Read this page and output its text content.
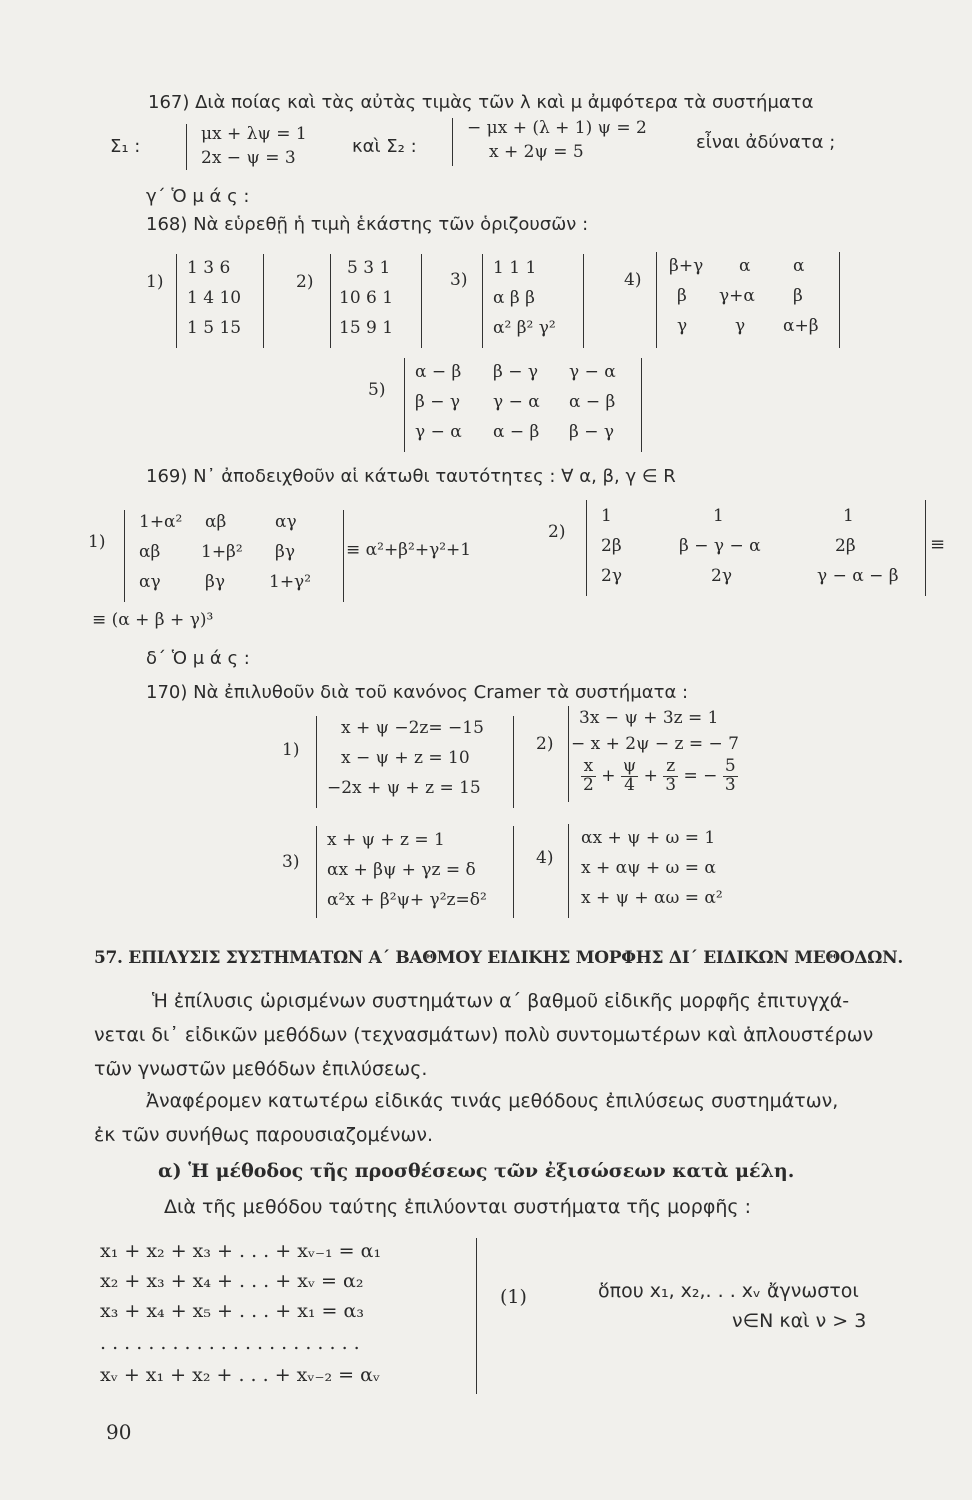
167) Διὰ ποίας καὶ τὰς αὐτὰς τιμὰς τῶν λ καὶ μ ἀμφότερα τὰ συστήματα
Σ₁ :
μx + λψ = 1
2x − ψ = 3
καὶ Σ₂ :
− μx + (λ + 1) ψ = 2
x + 2ψ = 5	εἶναι ἀδύνατα ;
γ΄ Ὁ μ ά ς :
168) Νὰ εὑρεθῇ ἡ τιμὴ ἑκάστης τῶν ὁριζουσῶν :
1)
1 3 6
1 4 10
1 5 15
2)
5 3 1
10 6 1
15 9 1
3)
1 1 1
α β β
α² β² γ²
4)
β+γ α	α
β γ+α β
γ	γ α+β
5)
α − β β − γ γ − α
β − γ γ − α α − β
γ − α α − β β − γ
169) Ν᾽ ἀποδειχθοῦν αἱ κάτωθι ταυτότητες : ∀ α, β, γ ∈ R
1)
1+α² αβ	αγ
αβ 1+β² βγ
αγ	βγ	1+γ²
≡ α²+β²+γ²+1
2)
1	1	1
2β	β − γ − α	2β
2γ	2γ	γ − α − β
≡
≡ (α + β + γ)³
δ΄ Ὁ μ ά ς :
170) Νὰ ἐπιλυθοῦν διὰ τοῦ κανόνος Cramer τὰ συστήματα :
1)
x + ψ −2z= −15
x − ψ + z = 10
−2x + ψ + z = 15
2)
3x − ψ + 3z = 1
− x + 2ψ − z = − 7
$\frac{x}{2} + \frac{\psi}{4} + \frac{z}{3}$ = − $\frac{5}{3}$
3)
x + ψ + z = 1
αx + βψ + γz = δ
α²x + β²ψ+ γ²z=δ²
4)
αx + ψ + ω = 1
x + αψ + ω = α
x + ψ + αω = α²
57. ΕΠΙΛΥΣΙΣ ΣΥΣΤΗΜΑΤΩΝ Α΄ ΒΑΘΜΟΥ ΕΙΔΙΚΗΣ ΜΟΡΦΗΣ ΔΙ΄ ΕΙΔΙΚΩΝ ΜΕΘΟΔΩΝ.
Ἡ ἐπίλυσις ὡρισμένων συστημάτων α΄ βαθμοῦ εἰδικῆς μορφῆς ἐπιτυγχά-
νεται δι᾽ εἰδικῶν μεθόδων (τεχνασμάτων) πολὺ συντομωτέρων καὶ ἁπλουστέρων
τῶν γνωστῶν μεθόδων ἐπιλύσεως.
Ἀναφέρομεν κατωτέρω εἰδικάς τινάς μεθόδους ἐπιλύσεως συστημάτων,
ἐκ τῶν συνήθως παρουσιαζομένων.
α) Ἡ μέθοδος τῆς προσθέσεως τῶν ἐξισώσεων κατὰ μέλη.
Διὰ τῆς μεθόδου ταύτης ἐπιλύονται συστήματα τῆς μορφῆς :
x₁ + x₂ + x₃ + . . . + xᵥ₋₁ = α₁
x₂ + x₃ + x₄ + . . . + xᵥ = α₂
x₃ + x₄ + x₅ + . . . + x₁ = α₃
. . . . . . . . . . . . . . . . . . . . . .
xᵥ + x₁ + x₂ + . . . + xᵥ₋₂ = αᵥ
(1)	ὅπου x₁, x₂,. . . xᵥ ἄγνωστοι
ν∈N καὶ ν > 3
90
